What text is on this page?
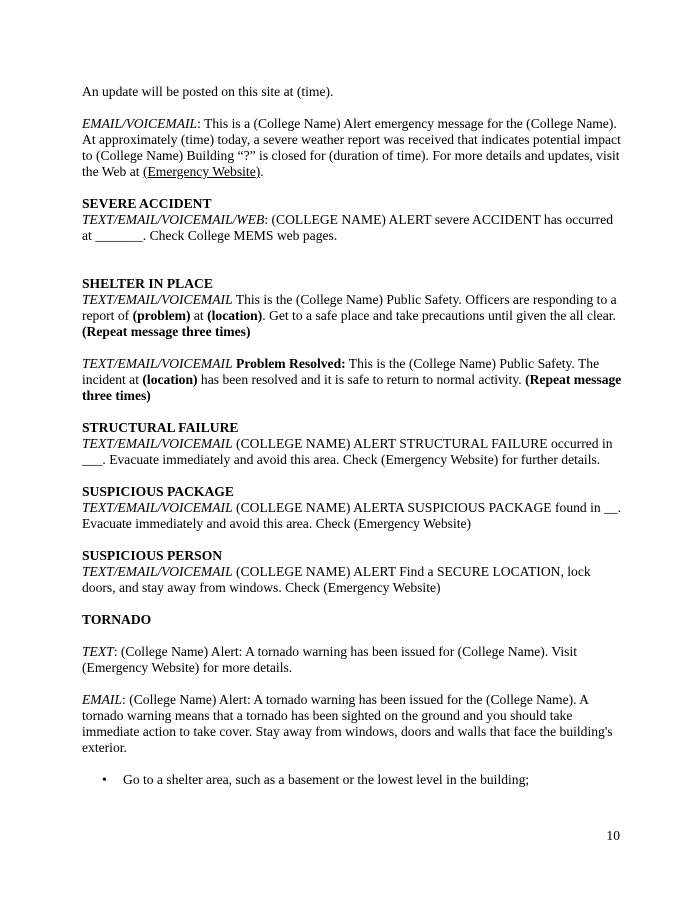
An update will be posted on this site at (time).

EMAIL/VOICEMAIL: This is a (College Name) Alert emergency message for the (College Name). At approximately (time) today, a severe weather report was received that indicates potential impact to (College Name) Building “?” is closed for (duration of time). For more details and updates, visit the Web at (Emergency Website).

SEVERE ACCIDENT

TEXT/EMAIL/VOICEMAIL/WEB: (COLLEGE NAME) ALERT severe ACCIDENT has occurred at _______. Check College MEMS web pages.

SHELTER IN PLACE

TEXT/EMAIL/VOICEMAIL This is the (College Name) Public Safety. Officers are responding to a report of (problem) at (location). Get to a safe place and take precautions until given the all clear. (Repeat message three times)

TEXT/EMAIL/VOICEMAIL Problem Resolved: This is the (College Name) Public Safety. The incident at (location) has been resolved and it is safe to return to normal activity. (Repeat message three times)

STRUCTURAL FAILURE

TEXT/EMAIL/VOICEMAIL (COLLEGE NAME) ALERT STRUCTURAL FAILURE occurred in ___. Evacuate immediately and avoid this area. Check (Emergency Website) for further details.

SUSPICIOUS PACKAGE

TEXT/EMAIL/VOICEMAIL (COLLEGE NAME) ALERTA SUSPICIOUS PACKAGE found in __. Evacuate immediately and avoid this area. Check (Emergency Website)

SUSPICIOUS PERSON

TEXT/EMAIL/VOICEMAIL (COLLEGE NAME) ALERT Find a SECURE LOCATION, lock doors, and stay away from windows. Check (Emergency Website)

TORNADO

TEXT: (College Name) Alert: A tornado warning has been issued for (College Name). Visit (Emergency Website) for more details.

EMAIL: (College Name) Alert: A tornado warning has been issued for the (College Name). A tornado warning means that a tornado has been sighted on the ground and you should take immediate action to take cover. Stay away from windows, doors and walls that face the building's exterior.

• Go to a shelter area, such as a basement or the lowest level in the building;
10
